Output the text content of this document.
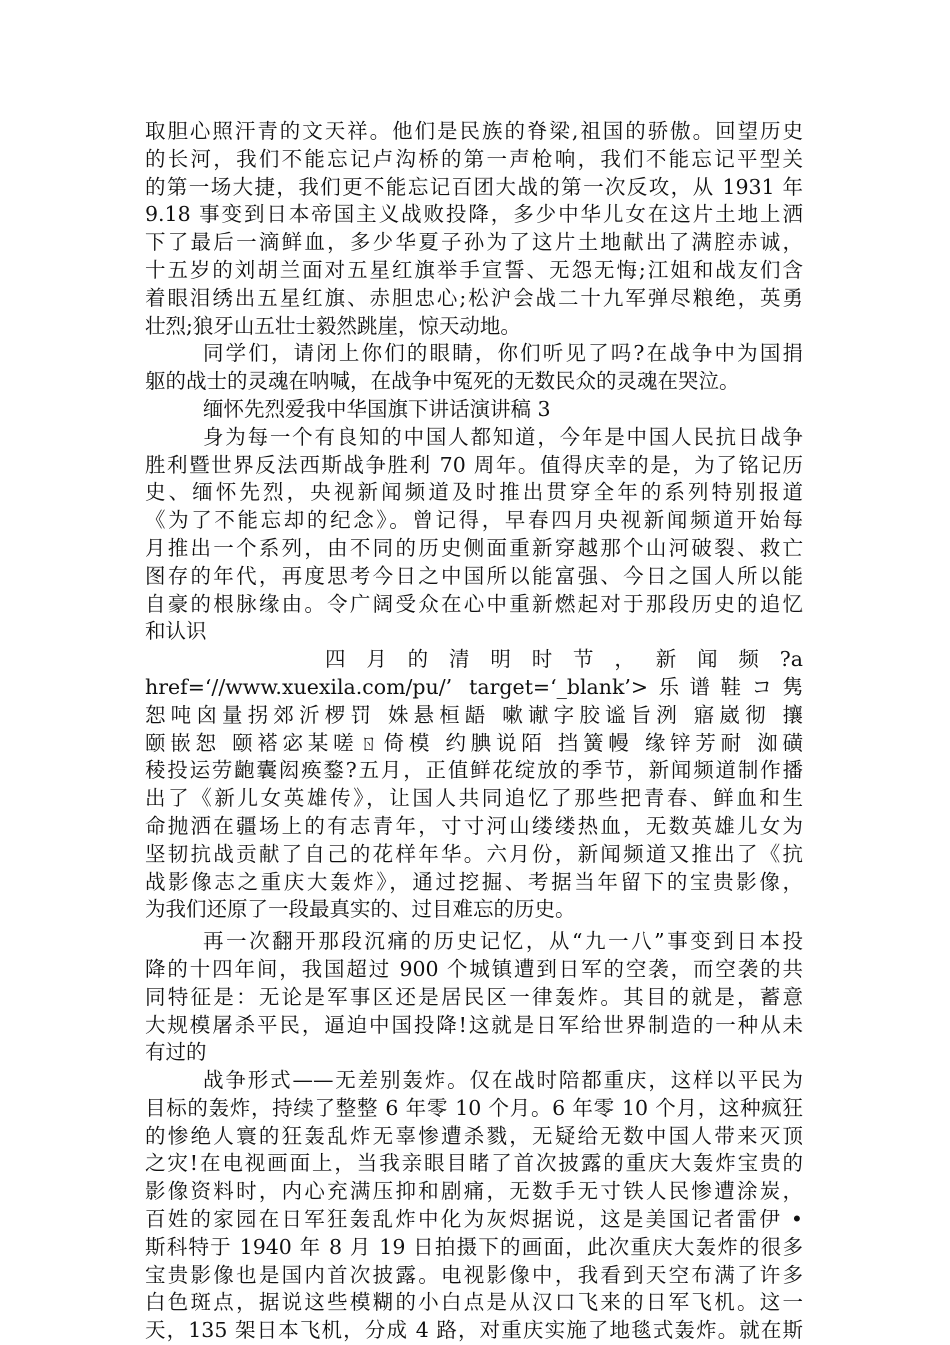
取胆心照汗青的文天祥。他们是民族的脊梁,祖国的骄傲。回望历史
的长河，我们不能忘记卢沟桥的第一声枪响，我们不能忘记平型关
的第一场大捷，我们更不能忘记百团大战的第一次反攻，从 1931 年
9.18 事变到日本帝国主义战败投降，多少中华儿女在这片土地上洒
下了最后一滴鲜血，多少华夏子孙为了这片土地献出了满腔赤诚，
十五岁的刘胡兰面对五星红旗举手宣誓、无怨无悔;江姐和战友们含
着眼泪绣出五星红旗、赤胆忠心;松沪会战二十九军弹尽粮绝，英勇
壮烈;狼牙山五壮士毅然跳崖，惊天动地。
同学们，请闭上你们的眼睛，你们听见了吗?在战争中为国捐
躯的战士的灵魂在呐喊，在战争中冤死的无数民众的灵魂在哭泣。
缅怀先烈爱我中华国旗下讲话演讲稿 3
身为每一个有良知的中国人都知道，今年是中国人民抗日战争
胜利暨世界反法西斯战争胜利 70 周年。值得庆幸的是，为了铭记历
史、缅怀先烈，央视新闻频道及时推出贯穿全年的系列特别报道
《为了不能忘却的纪念》。曾记得，早春四月央视新闻频道开始每
月推出一个系列，由不同的历史侧面重新穿越那个山河破裂、救亡
图存的年代，再度思考今日之中国所以能富强、今日之国人所以能
自豪的根脉缘由。令广阔受众在心中重新燃起对于那段历史的追忆
和认识
四 月 的 清 明 时 节 ， 新 闻 频 ?a
href=‘//www.xuexila.com/pu/’ target=‘_blank’>乐谱鞋コ隽
恕吨囟量拐郊沂椤罚 姝悬桓龉 嗽谳字胶谧旨洌 寤崴彻 攘
颐嵌恕 颐褡宓某嗟ㄖ倚模 约腆说陌 挡簧幔 缘锌芳耐 洳磺
稜投运劳齙囊闳痪鍪?五月，正值鲜花绽放的季节，新闻频道制作播
出了《新儿女英雄传》，让国人共同追忆了那些把青春、鲜血和生
命抛洒在疆场上的有志青年，寸寸河山缕缕热血，无数英雄儿女为
坚韧抗战贡献了自己的花样年华。六月份，新闻频道又推出了《抗
战影像志之重庆大轰炸》，通过挖掘、考据当年留下的宝贵影像，
为我们还原了一段最真实的、过目难忘的历史。
再一次翻开那段沉痛的历史记忆，从“九一八”事变到日本投
降的十四年间，我国超过 900 个城镇遭到日军的空袭，而空袭的共
同特征是：无论是军事区还是居民区一律轰炸。其目的就是，蓄意
大规模屠杀平民，逼迫中国投降!这就是日军给世界制造的一种从未
有过的
战争形式——无差别轰炸。仅在战时陪都重庆，这样以平民为
目标的轰炸，持续了整整 6 年零 10 个月。6 年零 10 个月，这种疯狂
的惨绝人寰的狂轰乱炸无辜惨遭杀戮，无疑给无数中国人带来灭顶
之灾!在电视画面上，当我亲眼目睹了首次披露的重庆大轰炸宝贵的
影像资料时，内心充满压抑和剧痛，无数手无寸铁人民惨遭涂炭，
百姓的家园在日军狂轰乱炸中化为灰烬据说，这是美国记者雷伊 •
斯科特于 1940 年 8 月 19 日拍摄下的画面，此次重庆大轰炸的很多
宝贵影像也是国内首次披露。电视影像中，我看到天空布满了许多
白色斑点，据说这些模糊的小白点是从汉口飞来的日军飞机。这一
天，135 架日本飞机，分成 4 路，对重庆实施了地毯式轰炸。就在斯
